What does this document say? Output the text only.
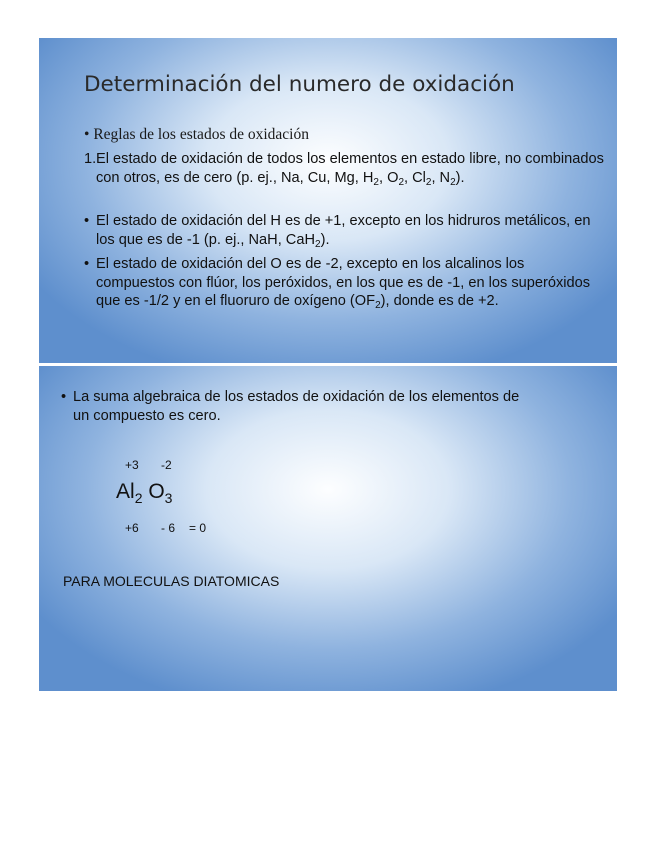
Determinación del numero de oxidación
• Reglas de los estados de oxidación
1. El estado de oxidación de todos los elementos en estado libre, no combinados con otros, es de cero (p. ej., Na, Cu, Mg, $H_2$, $O_2$, $Cl_2$, $N_2$).
• El estado de oxidación del H es de +1, excepto en los hidruros metálicos, en los que es de -1 (p. ej., NaH, CaH$_2$).
• El estado de oxidación del O es de -2, excepto en los alcalinos los compuestos con flúor, los peróxidos, en los que es de -1, en los superóxidos que es -1/2 y en el fluoruro de oxígeno $(OF_2)$, donde es de +2.
• La suma algebraica de los estados de oxidación de los elementos de un compuesto es cero.
+3 -2
$Al_2$ $O_3$
+6 - 6 = 0
PARA MOLECULAS DIATOMICAS
